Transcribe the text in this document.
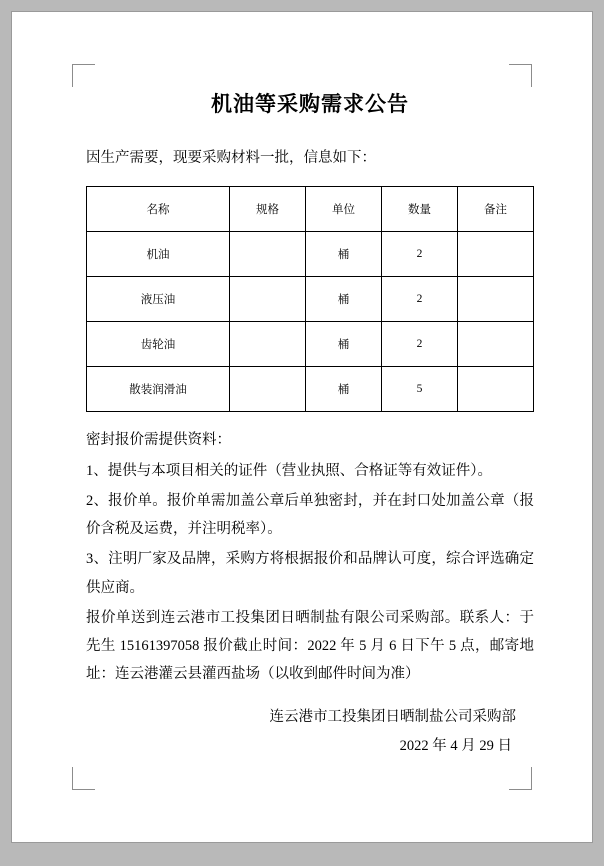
机油等采购需求公告

因生产需要，现要采购材料一批，信息如下：

名称	规格	单位	数量	备注
机油		桶	2	
液压油		桶	2	
齿轮油		桶	2	
散装润滑油		桶	5	

密封报价需提供资料：

1、提供与本项目相关的证件（营业执照、合格证等有效证件）。

2、报价单。报价单需加盖公章后单独密封，并在封口处加盖公章（报价含税及运费，并注明税率）。

3、注明厂家及品牌，采购方将根据报价和品牌认可度，综合评选确定供应商。

报价单送到连云港市工投集团日晒制盐有限公司采购部。联系人：于先生 15161397058 报价截止时间：2022 年 5 月 6 日下午 5 点，邮寄地址：连云港灌云县灌西盐场（以收到邮件时间为准）

连云港市工投集团日晒制盐公司采购部
2022 年 4 月 29 日
